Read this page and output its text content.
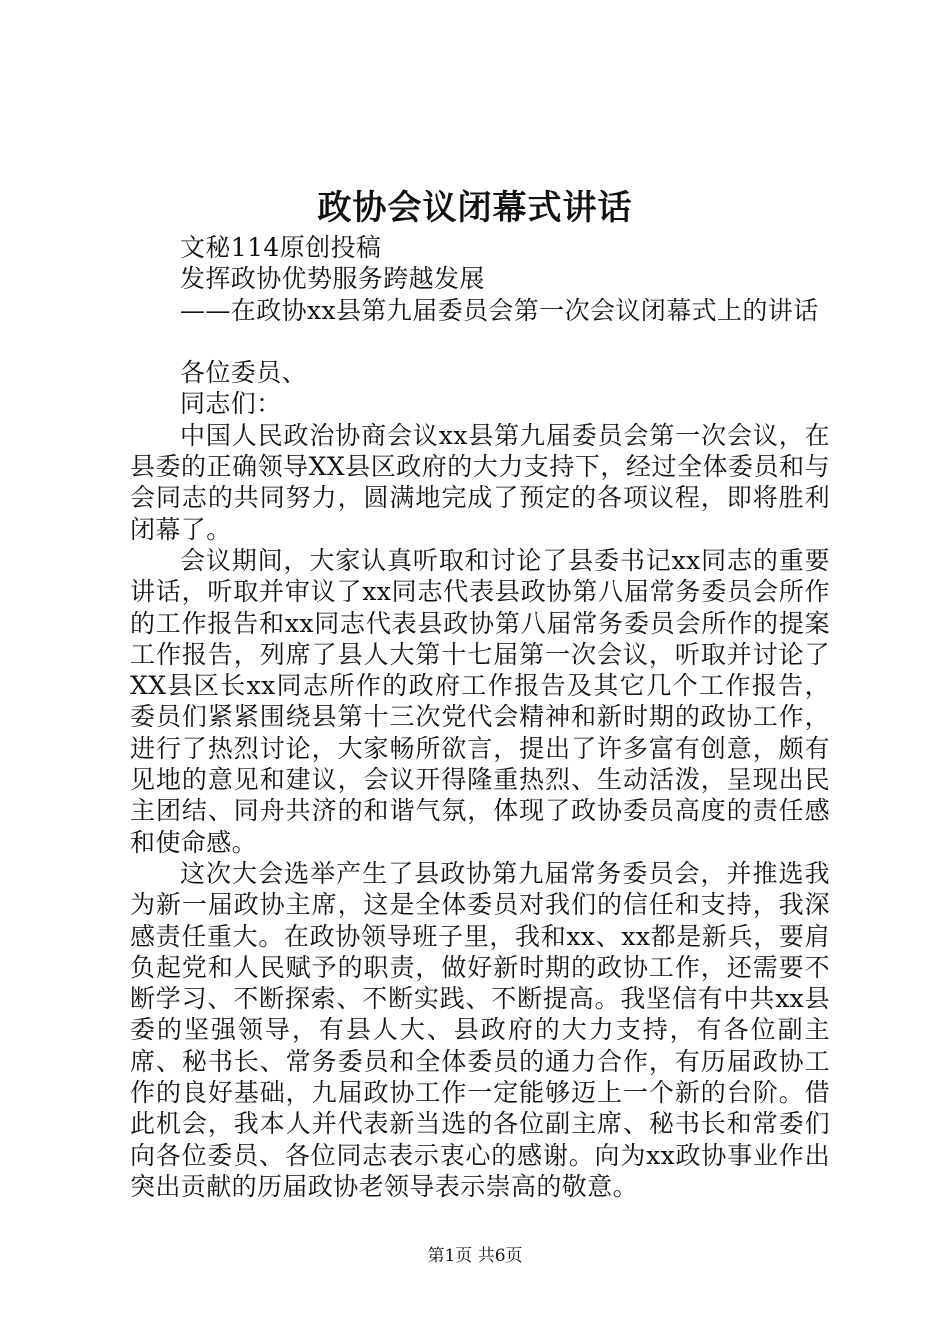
政协会议闭幕式讲话
文秘114原创投稿
发挥政协优势服务跨越发展
——在政协xx县第九届委员会第一次会议闭幕式上的讲话
各位委员、
同志们：

中国人民政治协商会议xx县第九届委员会第一次会议，在县委的正确领导XX县区政府的大力支持下，经过全体委员和与会同志的共同努力，圆满地完成了预定的各项议程，即将胜利闭幕了。

会议期间，大家认真听取和讨论了县委书记xx同志的重要讲话，听取并审议了xx同志代表县政协第八届常务委员会所作的工作报告和xx同志代表县政协第八届常务委员会所作的提案工作报告，列席了县人大第十七届第一次会议，听取并讨论了XX县区长xx同志所作的政府工作报告及其它几个工作报告，委员们紧紧围绕县第十三次党代会精神和新时期的政协工作，进行了热烈讨论，大家畅所欲言，提出了许多富有创意，颇有见地的意见和建议，会议开得隆重热烈、生动活泼，呈现出民主团结、同舟共济的和谐气氛，体现了政协委员高度的责任感和使命感。

这次大会选举产生了县政协第九届常务委员会，并推选我为新一届政协主席，这是全体委员对我们的信任和支持，我深感责任重大。在政协领导班子里，我和xx、xx都是新兵，要肩负起党和人民赋予的职责，做好新时期的政协工作，还需要不断学习、不断探索、不断实践、不断提高。我坚信有中共xx县委的坚强领导，有县人大、县政府的大力支持，有各位副主席、秘书长、常务委员和全体委员的通力合作，有历届政协工作的良好基础，九届政协工作一定能够迈上一个新的台阶。借此机会，我本人并代表新当选的各位副主席、秘书长和常委们向各位委员、各位同志表示衷心的感谢。向为xx政协事业作出突出贡献的历届政协老领导表示崇高的敬意。

第1页 共6页
